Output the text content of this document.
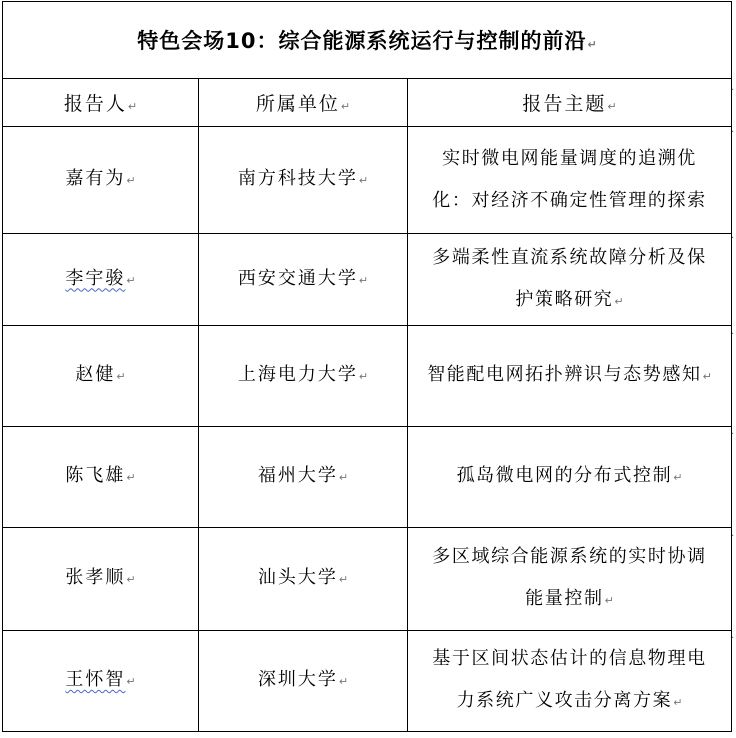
特色会场10：综合能源系统运行与控制的前沿↵		
报告人↵	所属单位↵	报告主题↵
嘉有为↵	南方科技大学↵	实时微电网能量调度的追溯优
化：对经济不确定性管理的探索
李宇骏↵	西安交通大学↵	多端柔性直流系统故障分析及保
护策略研究↵
赵健↵	上海电力大学↵	智能配电网拓扑辨识与态势感知↵
陈飞雄↵	福州大学↵	孤岛微电网的分布式控制↵
张孝顺↵	汕头大学↵	多区域综合能源系统的实时协调
能量控制↵
王怀智↵	深圳大学↵	基于区间状态估计的信息物理电
力系统广义攻击分离方案↵
·
·
·
·
·
·
·
